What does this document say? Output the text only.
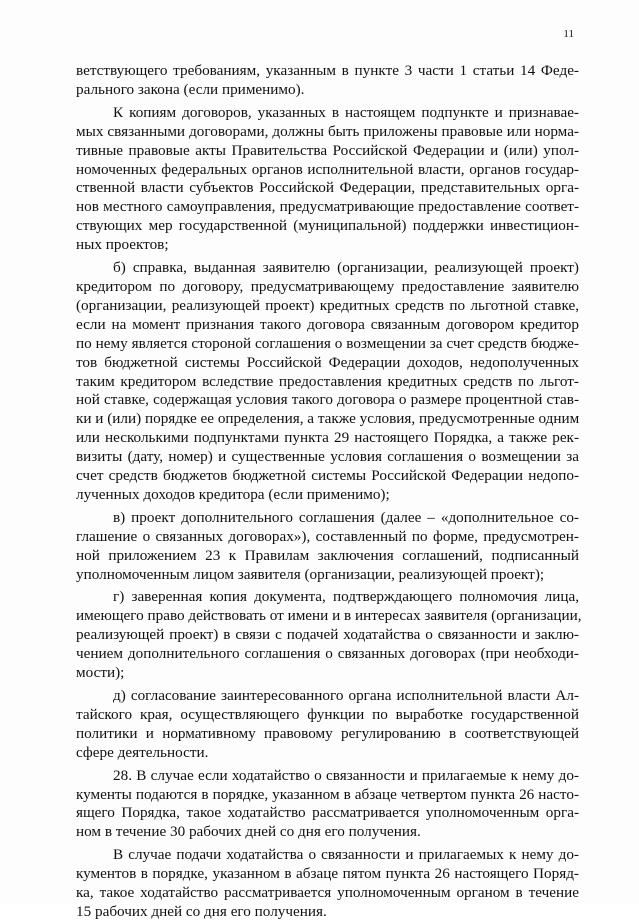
11
ветствующего требованиям, указанным в пункте 3 части 1 статьи 14 Феде-
рального закона (если применимо).
К копиям договоров, указанных в настоящем подпункте и признавае-
мых связанными договорами, должны быть приложены правовые или норма-
тивные правовые акты Правительства Российской Федерации и (или) упол-
номоченных федеральных органов исполнительной власти, органов государ-
ственной власти субъектов Российской Федерации, представительных орга-
нов местного самоуправления, предусматривающие предоставление соответ-
ствующих мер государственной (муниципальной) поддержки инвестицион-
ных проектов;
б) справка, выданная заявителю (организации, реализующей проект)
кредитором по договору, предусматривающему предоставление заявителю
(организации, реализующей проект) кредитных средств по льготной ставке,
если на момент признания такого договора связанным договором кредитор
по нему является стороной соглашения о возмещении за счет средств бюдже-
тов бюджетной системы Российской Федерации доходов, недополученных
таким кредитором вследствие предоставления кредитных средств по льгот-
ной ставке, содержащая условия такого договора о размере процентной став-
ки и (или) порядке ее определения, а также условия, предусмотренные одним
или несколькими подпунктами пункта 29 настоящего Порядка, а также рек-
визиты (дату, номер) и существенные условия соглашения о возмещении за
счет средств бюджетов бюджетной системы Российской Федерации недопо-
лученных доходов кредитора (если применимо);
в) проект дополнительного соглашения (далее – «дополнительное со-
глашение о связанных договорах»), составленный по форме, предусмотрен-
ной приложением 23 к Правилам заключения соглашений, подписанный
уполномоченным лицом заявителя (организации, реализующей проект);
г) заверенная копия документа, подтверждающего полномочия лица,
имеющего право действовать от имени и в интересах заявителя (организации,
реализующей проект) в связи с подачей ходатайства о связанности и заклю-
чением дополнительного соглашения о связанных договорах (при необходи-
мости);
д) согласование заинтересованного органа исполнительной власти Ал-
тайского края, осуществляющего функции по выработке государственной
политики и нормативному правовому регулированию в соответствующей
сфере деятельности.
28. В случае если ходатайство о связанности и прилагаемые к нему до-
кументы подаются в порядке, указанном в абзаце четвертом пункта 26 насто-
ящего Порядка, такое ходатайство рассматривается уполномоченным орга-
ном в течение 30 рабочих дней со дня его получения.
В случае подачи ходатайства о связанности и прилагаемых к нему до-
кументов в порядке, указанном в абзаце пятом пункта 26 настоящего Поряд-
ка, такое ходатайство рассматривается уполномоченным органом в течение
15 рабочих дней со дня его получения.
